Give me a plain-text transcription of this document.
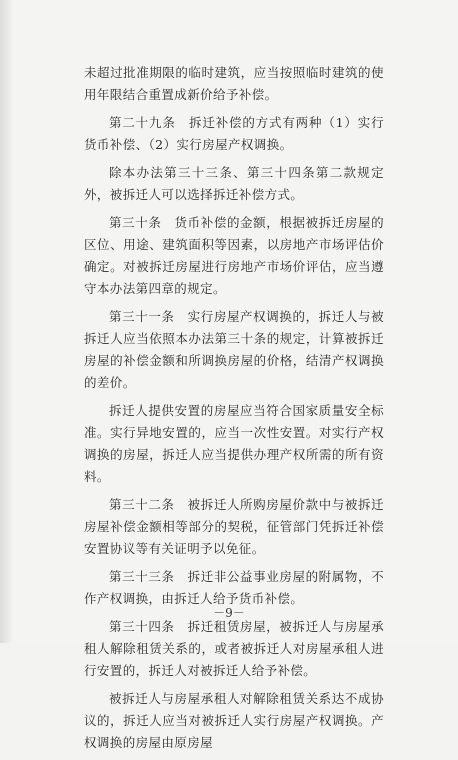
未超过批准期限的临时建筑，应当按照临时建筑的使用年限结合重置成新价给予补偿。

第二十九条　拆迁补偿的方式有两种（1）实行货币补偿、（2）实行房屋产权调换。

除本办法第三十三条、第三十四条第二款规定外，被拆迁人可以选择拆迁补偿方式。

第三十条　货币补偿的金额，根据被拆迁房屋的区位、用途、建筑面积等因素，以房地产市场评估价确定。对被拆迁房屋进行房地产市场价评估，应当遵守本办法第四章的规定。

第三十一条　实行房屋产权调换的，拆迁人与被拆迁人应当依照本办法第三十条的规定，计算被拆迁房屋的补偿金额和所调换房屋的价格，结清产权调换的差价。

拆迁人提供安置的房屋应当符合国家质量安全标准。实行异地安置的，应当一次性安置。对实行产权调换的房屋，拆迁人应当提供办理产权所需的所有资料。

第三十二条　被拆迁人所购房屋价款中与被拆迁房屋补偿金额相等部分的契税，征管部门凭拆迁补偿安置协议等有关证明予以免征。

第三十三条　拆迁非公益事业房屋的附属物，不作产权调换，由拆迁人给予货币补偿。

第三十四条　拆迁租赁房屋，被拆迁人与房屋承租人解除租赁关系的，或者被拆迁人对房屋承租人进行安置的，拆迁人对被拆迁人给予补偿。

被拆迁人与房屋承租人对解除租赁关系达不成协议的，拆迁人应当对被拆迁人实行房屋产权调换。产权调换的房屋由原房屋

－9－
